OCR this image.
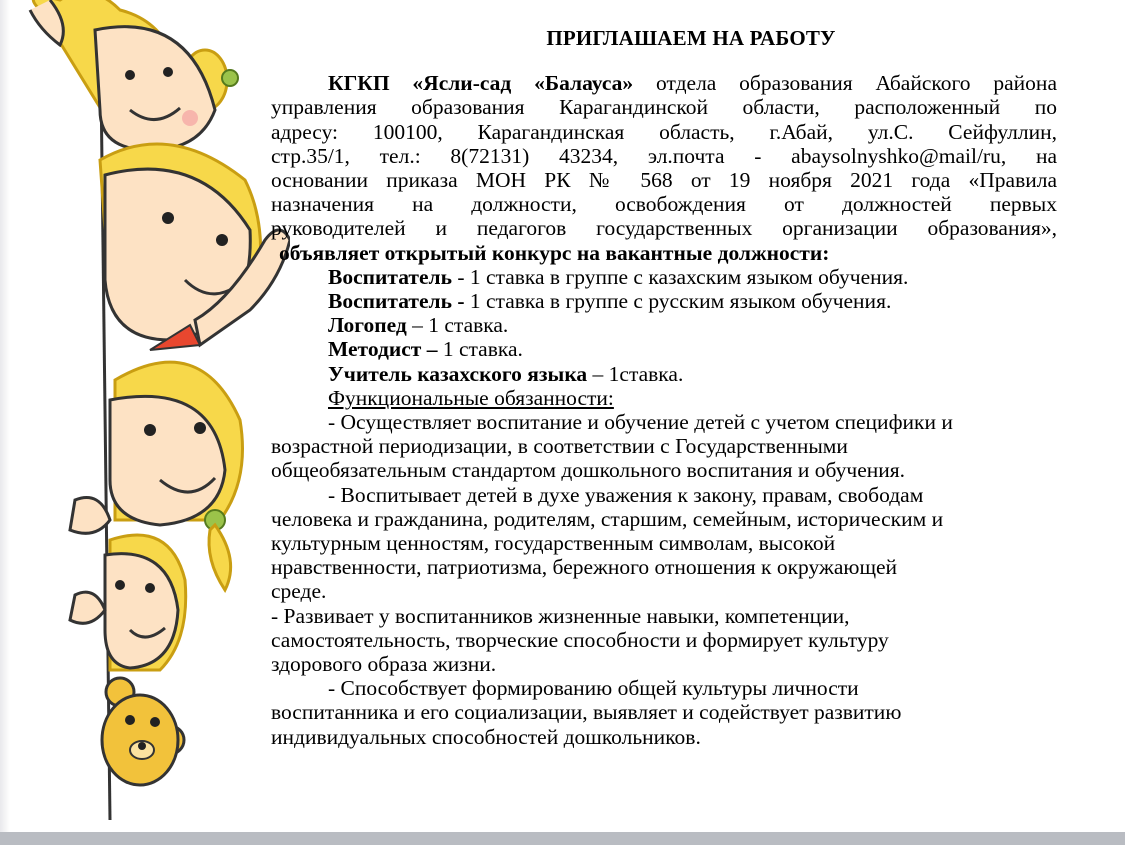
ПРИГЛАШАЕМ НА РАБОТУ
КГКП «Ясли-сад «Балауса» отдела образования Абайского района
управления образования Карагандинской области, расположенный по
адресу: 100100, Карагандинская область, г.Абай, ул.С. Сейфуллин,
стр.35/1, тел.: 8(72131) 43234, эл.почта - abaysolnyshko@mail/ru, на
основании приказа МОН РК № 568 от 19 ноября 2021 года «Правила
назначения на должности, освобождения от должностей первых
руководителей и педагогов государственных организации образования»,
объявляет открытый конкурс на вакантные должности:
Воспитатель - 1 ставка в группе с казахским языком обучения.
Воспитатель - 1 ставка в группе с русским языком обучения.
Логопед – 1 ставка.
Методист – 1 ставка.
Учитель казахского языка – 1ставка.
Функциональные обязанности:
- Осуществляет воспитание и обучение детей с учетом специфики и
возрастной периодизации, в соответствии с Государственными
общеобязательным стандартом дошкольного воспитания и обучения.
- Воспитывает детей в духе уважения к закону, правам, свободам
человека и гражданина, родителям, старшим, семейным, историческим и
культурным ценностям, государственным символам, высокой
нравственности, патриотизма, бережного отношения к окружающей
среде.
- Развивает у воспитанников жизненные навыки, компетенции,
самостоятельность, творческие способности и формирует культуру
здорового образа жизни.
- Способствует формированию общей культуры личности
воспитанника и его социализации, выявляет и содействует развитию
индивидуальных способностей дошкольников.
